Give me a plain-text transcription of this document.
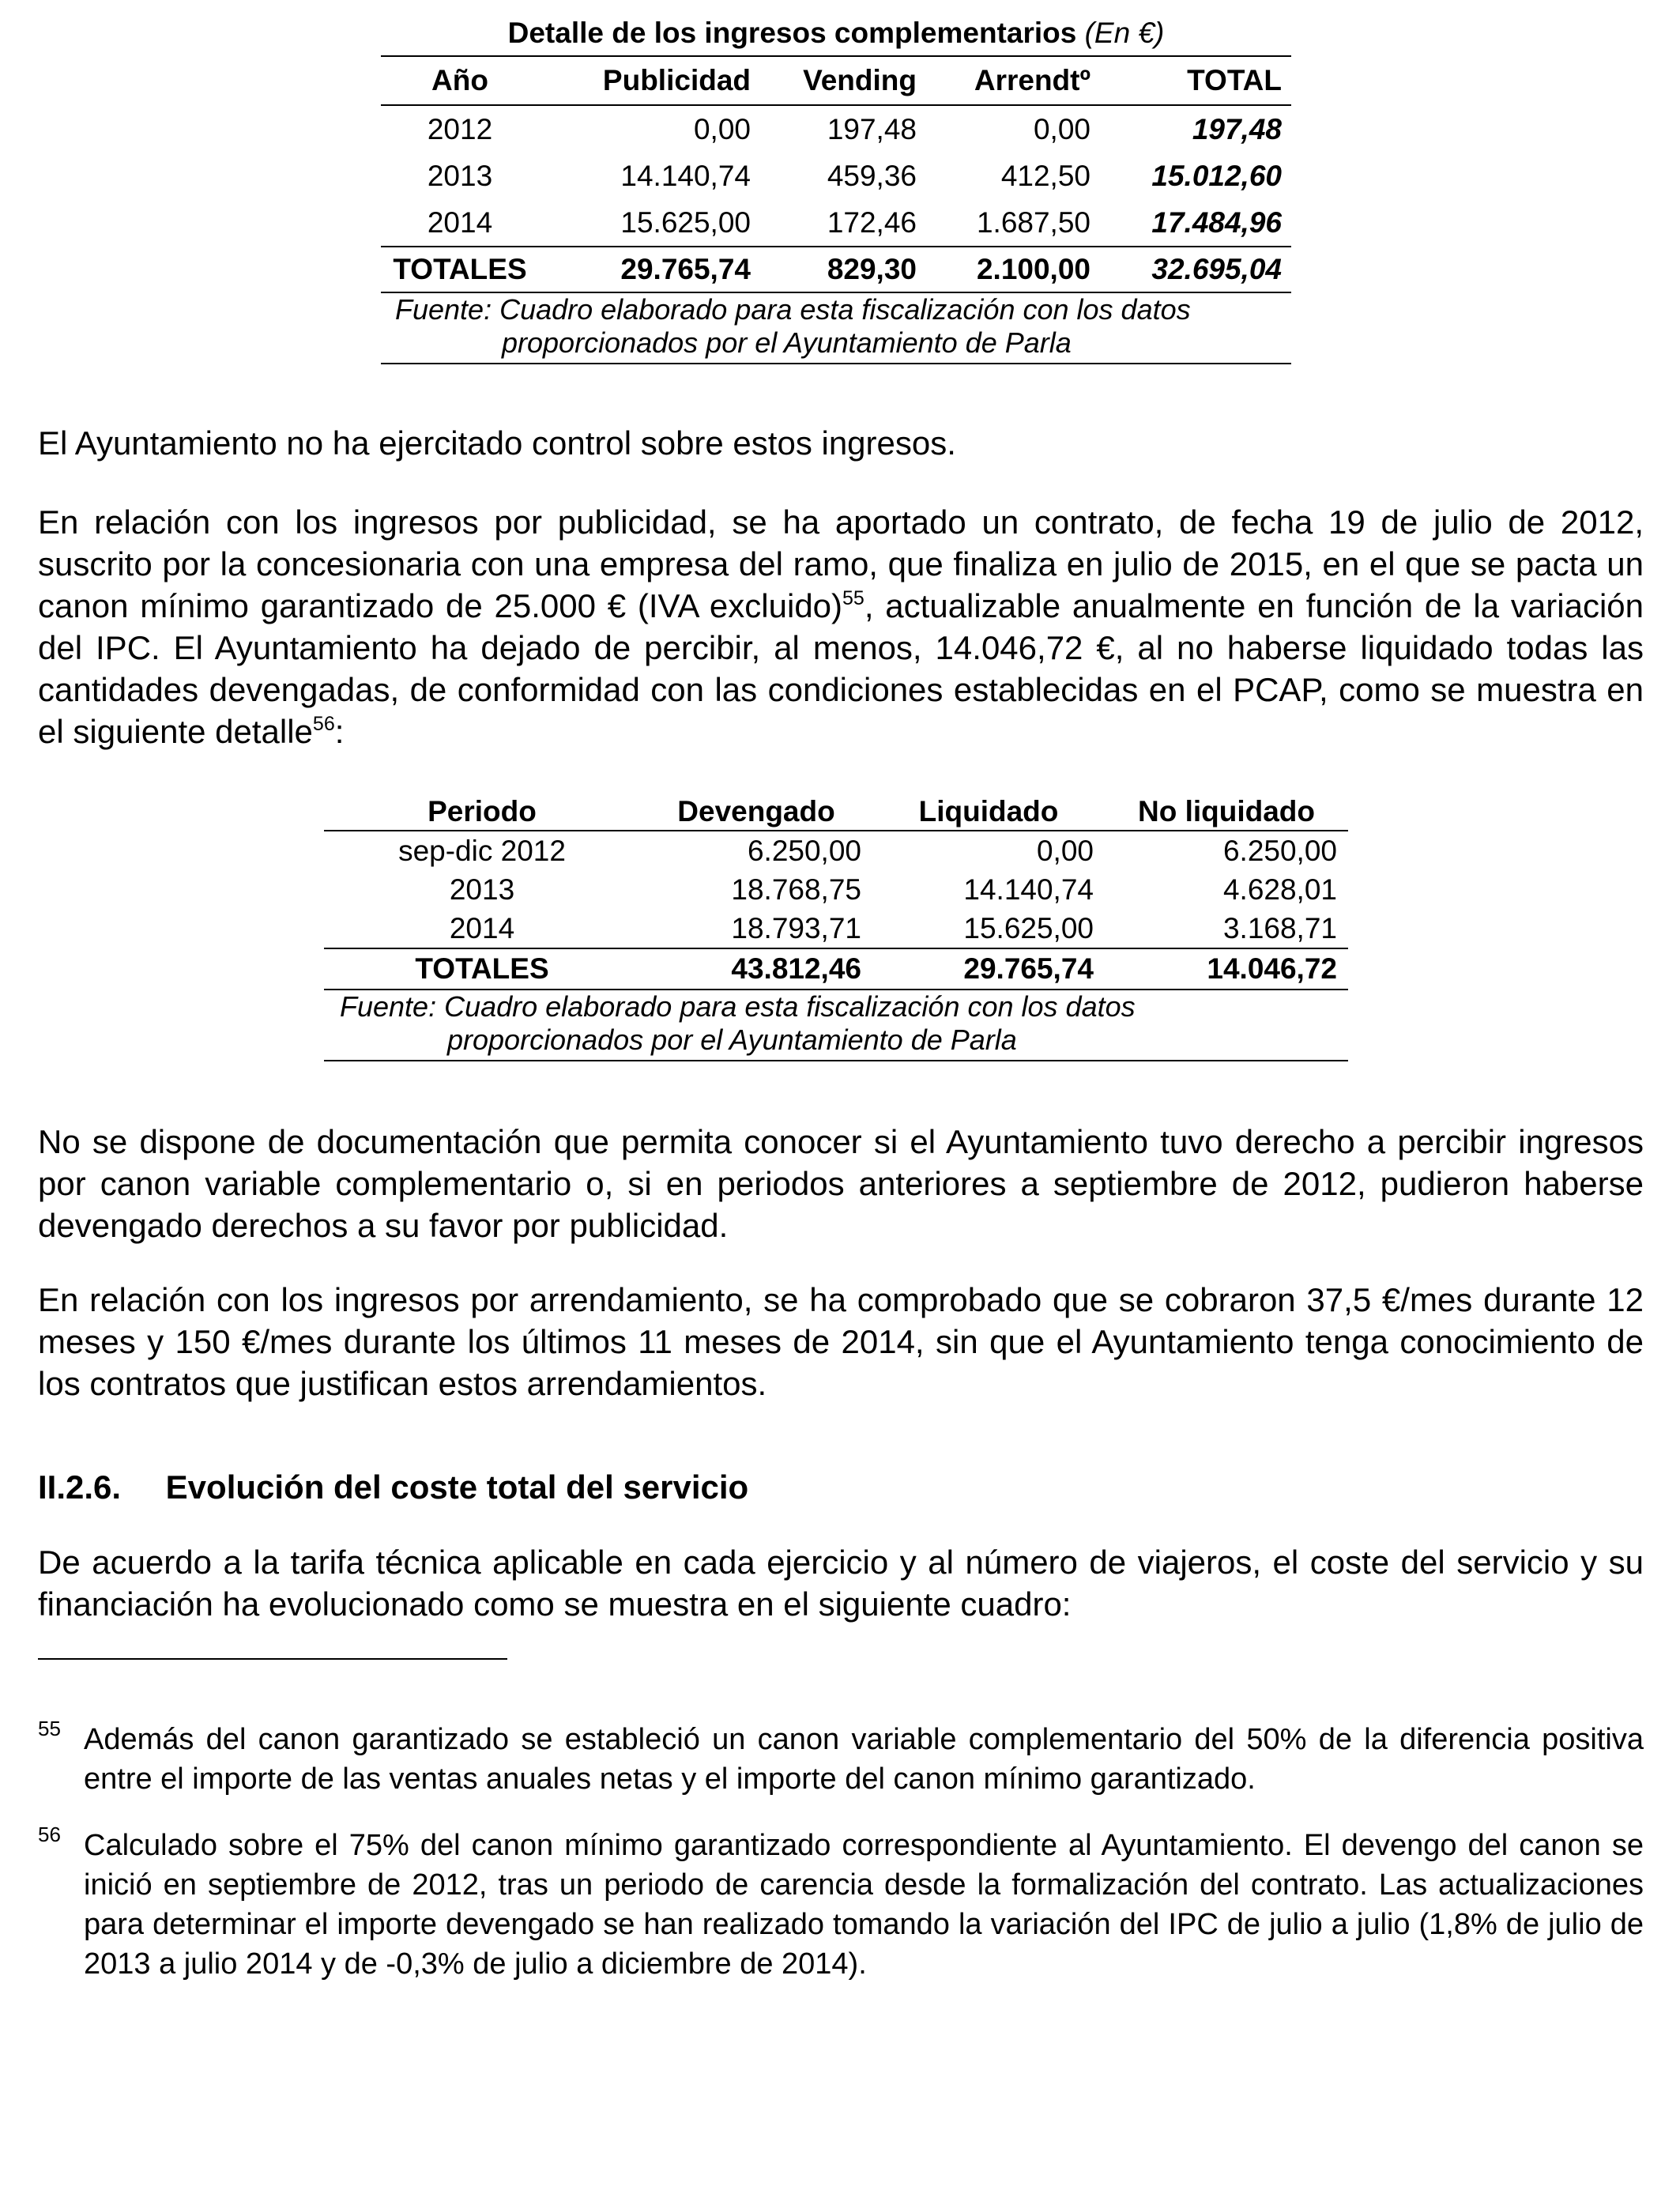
Detalle de los ingresos complementarios (En €)
Año	Publicidad	Vending	Arrendtº	TOTAL
2012	0,00	197,48	0,00	197,48
2013	14.140,74	459,36	412,50	15.012,60
2014	15.625,00	172,46	1.687,50	17.484,96
TOTALES	29.765,74	829,30	2.100,00	32.695,04
Fuente: Cuadro elaborado para esta fiscalización con los datos
proporcionados por el Ayuntamiento de Parla

El Ayuntamiento no ha ejercitado control sobre estos ingresos.

En relación con los ingresos por publicidad, se ha aportado un contrato, de fecha 19 de julio de 2012, suscrito por la concesionaria con una empresa del ramo, que finaliza en julio de 2015, en el que se pacta un canon mínimo garantizado de 25.000 € (IVA excluido)$^{55}$, actualizable anualmente en función de la variación del IPC. El Ayuntamiento ha dejado de percibir, al menos, 14.046,72 €, al no haberse liquidado todas las cantidades devengadas, de conformidad con las condiciones establecidas en el PCAP, como se muestra en el siguiente detalle$^{56}$:

Periodo	Devengado	Liquidado	No liquidado
sep-dic 2012	6.250,00	0,00	6.250,00
2013	18.768,75	14.140,74	4.628,01
2014	18.793,71	15.625,00	3.168,71
TOTALES	43.812,46	29.765,74	14.046,72
Fuente: Cuadro elaborado para esta fiscalización con los datos
proporcionados por el Ayuntamiento de Parla

No se dispone de documentación que permita conocer si el Ayuntamiento tuvo derecho a percibir ingresos por canon variable complementario o, si en periodos anteriores a septiembre de 2012, pudieron haberse devengado derechos a su favor por publicidad.

En relación con los ingresos por arrendamiento, se ha comprobado que se cobraron 37,5 €/mes durante 12 meses y 150 €/mes durante los últimos 11 meses de 2014, sin que el Ayuntamiento tenga conocimiento de los contratos que justifican estos arrendamientos.

II.2.6. Evolución del coste total del servicio

De acuerdo a la tarifa técnica aplicable en cada ejercicio y al número de viajeros, el coste del servicio y su financiación ha evolucionado como se muestra en el siguiente cuadro:

55 Además del canon garantizado se estableció un canon variable complementario del 50% de la diferencia positiva entre el importe de las ventas anuales netas y el importe del canon mínimo garantizado.
56 Calculado sobre el 75% del canon mínimo garantizado correspondiente al Ayuntamiento. El devengo del canon se inició en septiembre de 2012, tras un periodo de carencia desde la formalización del contrato. Las actualizaciones para determinar el importe devengado se han realizado tomando la variación del IPC de julio a julio (1,8% de julio de 2013 a julio 2014 y de -0,3% de julio a diciembre de 2014).
